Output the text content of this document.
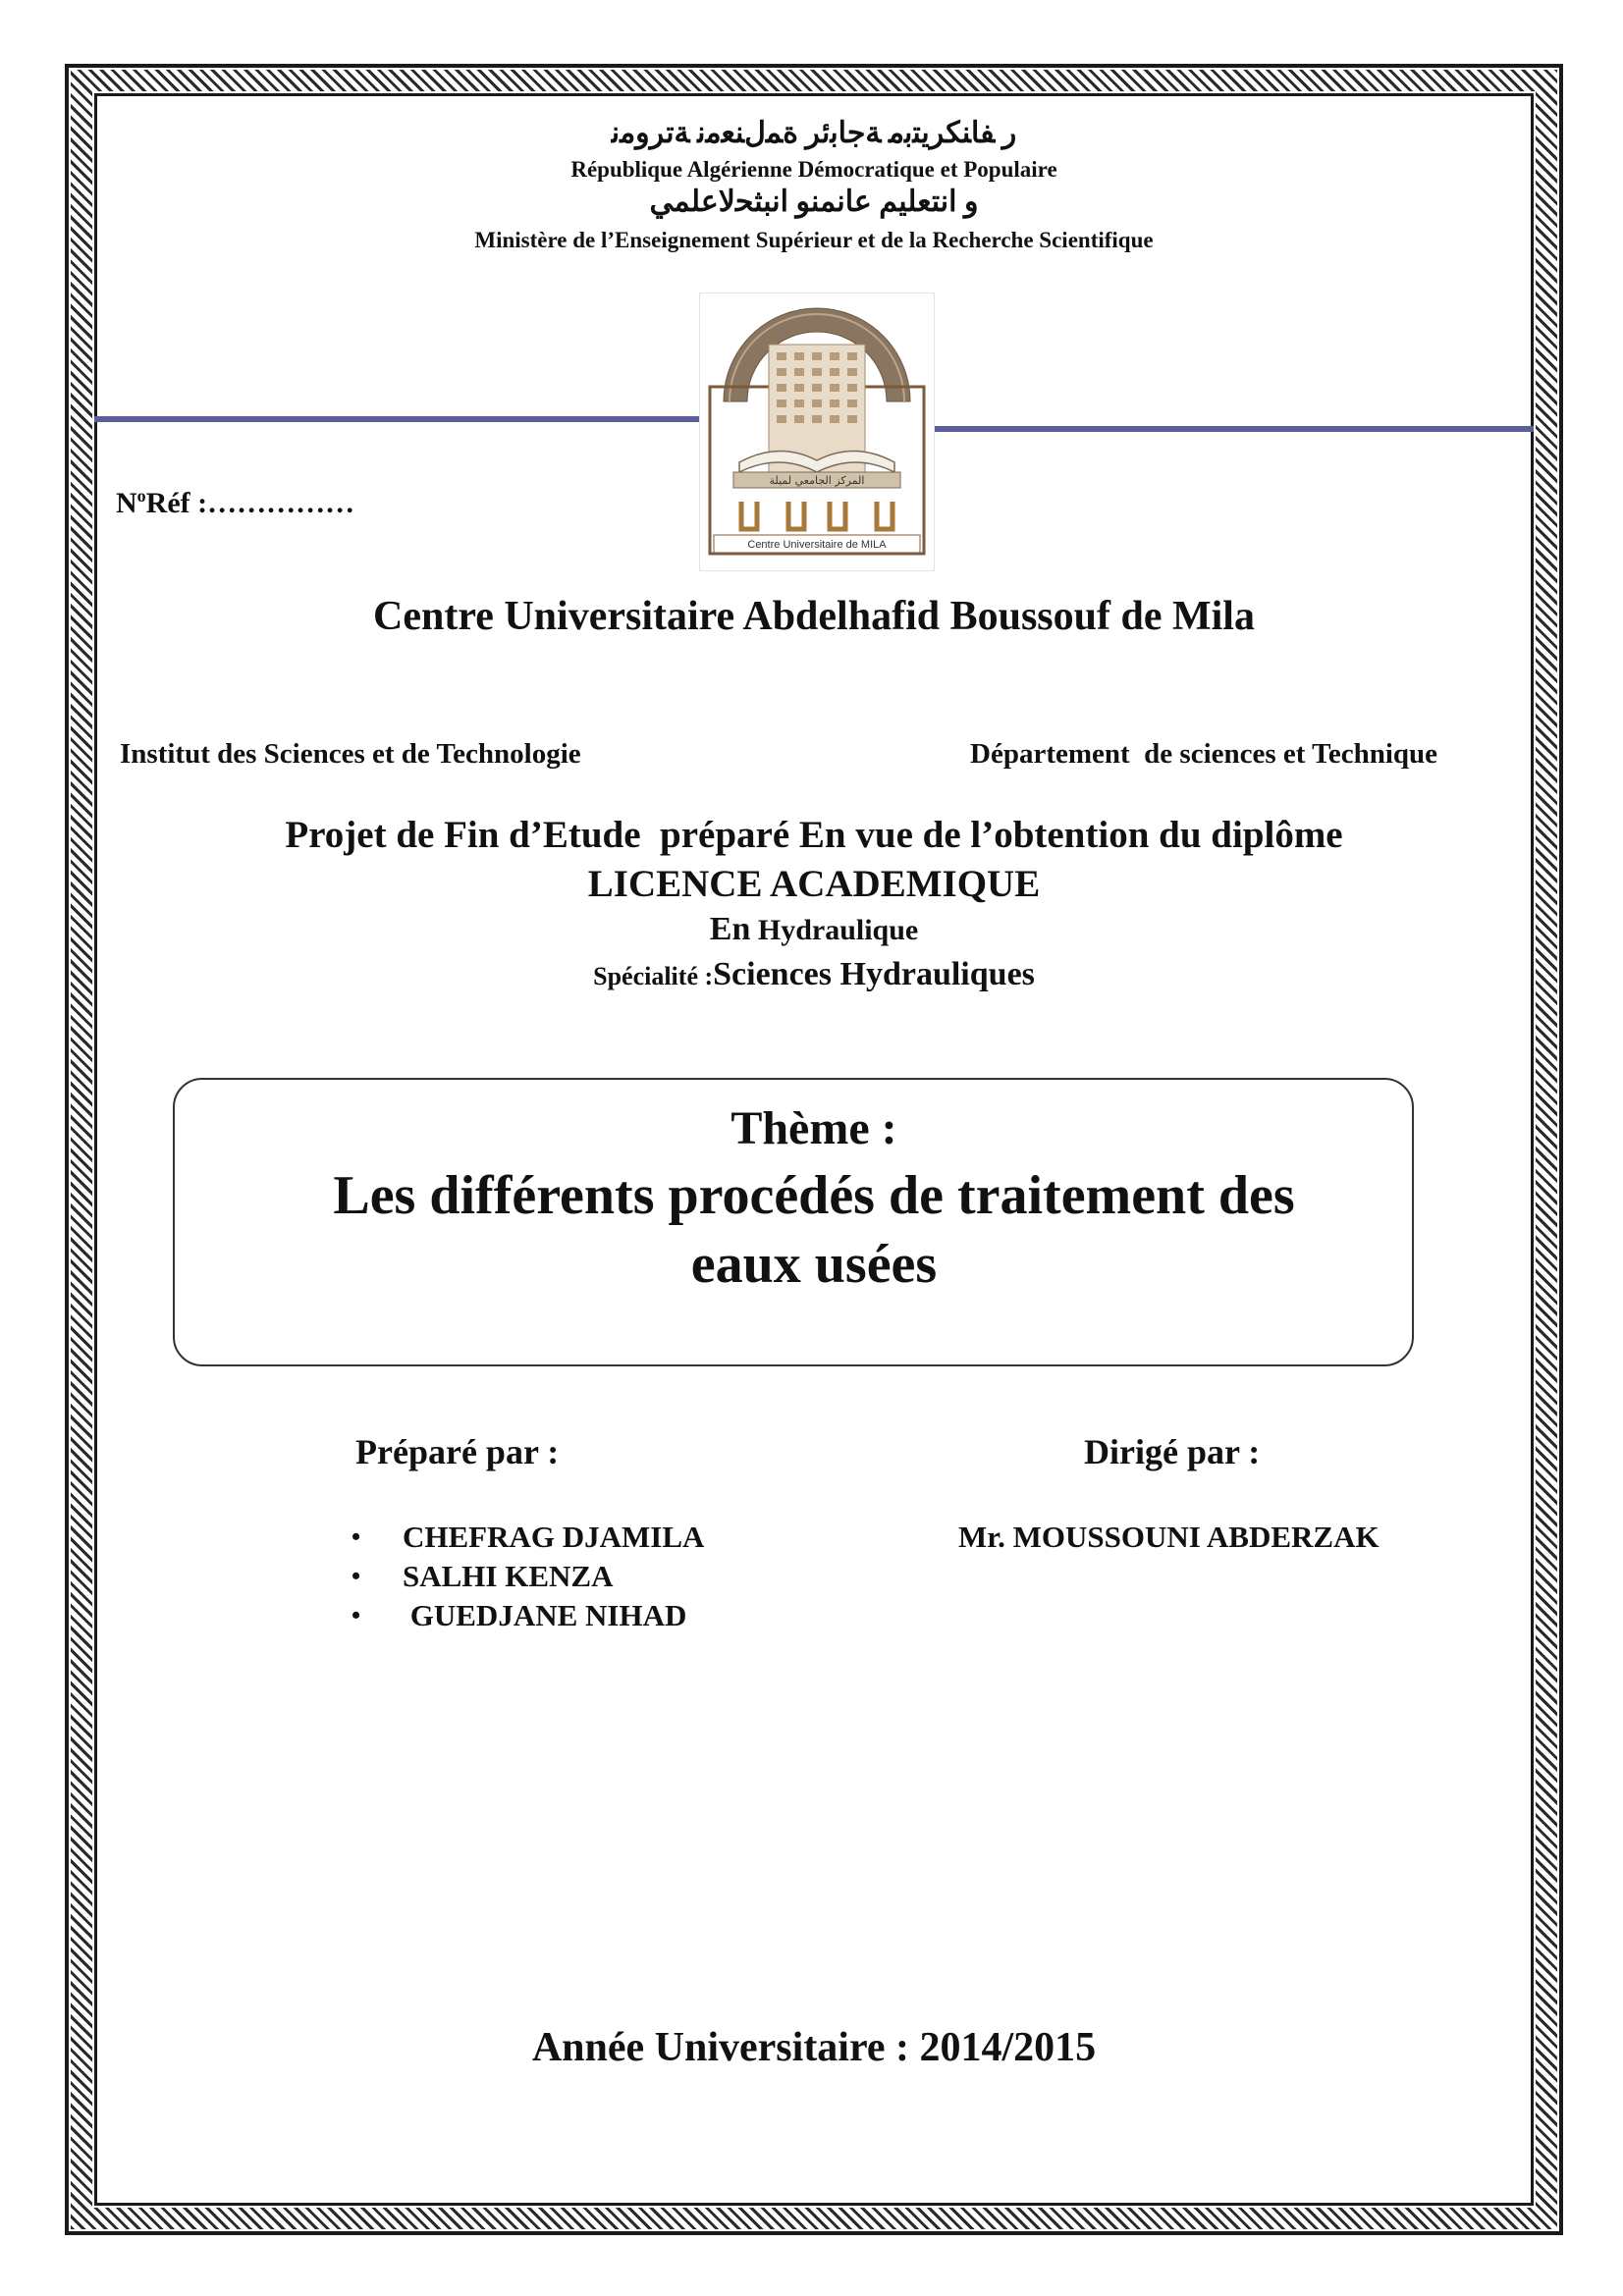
ﺭ ﻔﺎﻨﻜﺮﻳﺘﺑﻣ ﺔﺟﺎﺑﺋﺮ ﺓﻤﻝﻨﻌﻣﻧ ﺔﺗﺮﻭﻣﻧ
République Algérienne Démocratique et Populaire
ﻭ ﺍﻧﺘﻌﻠﻴﻢ ﻋﺎﻧﻤﻨﻮ ﺍﻧﺒﺜﺤﻟﺎﻋﻠﻤﻲ
Ministère de l’Enseignement Supérieur et de la Recherche Scientifique
المركز الجامعي لميلة
Centre Universitaire de MILA
$N^oRéf$ :……………
Centre Universitaire Abdelhafid Boussouf de Mila
Institut des Sciences et de Technologie	Département  de sciences et Technique
Projet de Fin d’Etude  préparé En vue de l’obtention du diplôme
LICENCE ACADEMIQUE
En Hydraulique
Spécialité :Sciences Hydrauliques
Thème :
Les différents procédés de traitement des
eaux usées
Préparé par :	Dirigé par :
• CHEFRAG DJAMILA
• SALHI KENZA
• GUEDJANE NIHAD
Mr. MOUSSOUNI ABDERZAK
Année Universitaire : 2014/2015
